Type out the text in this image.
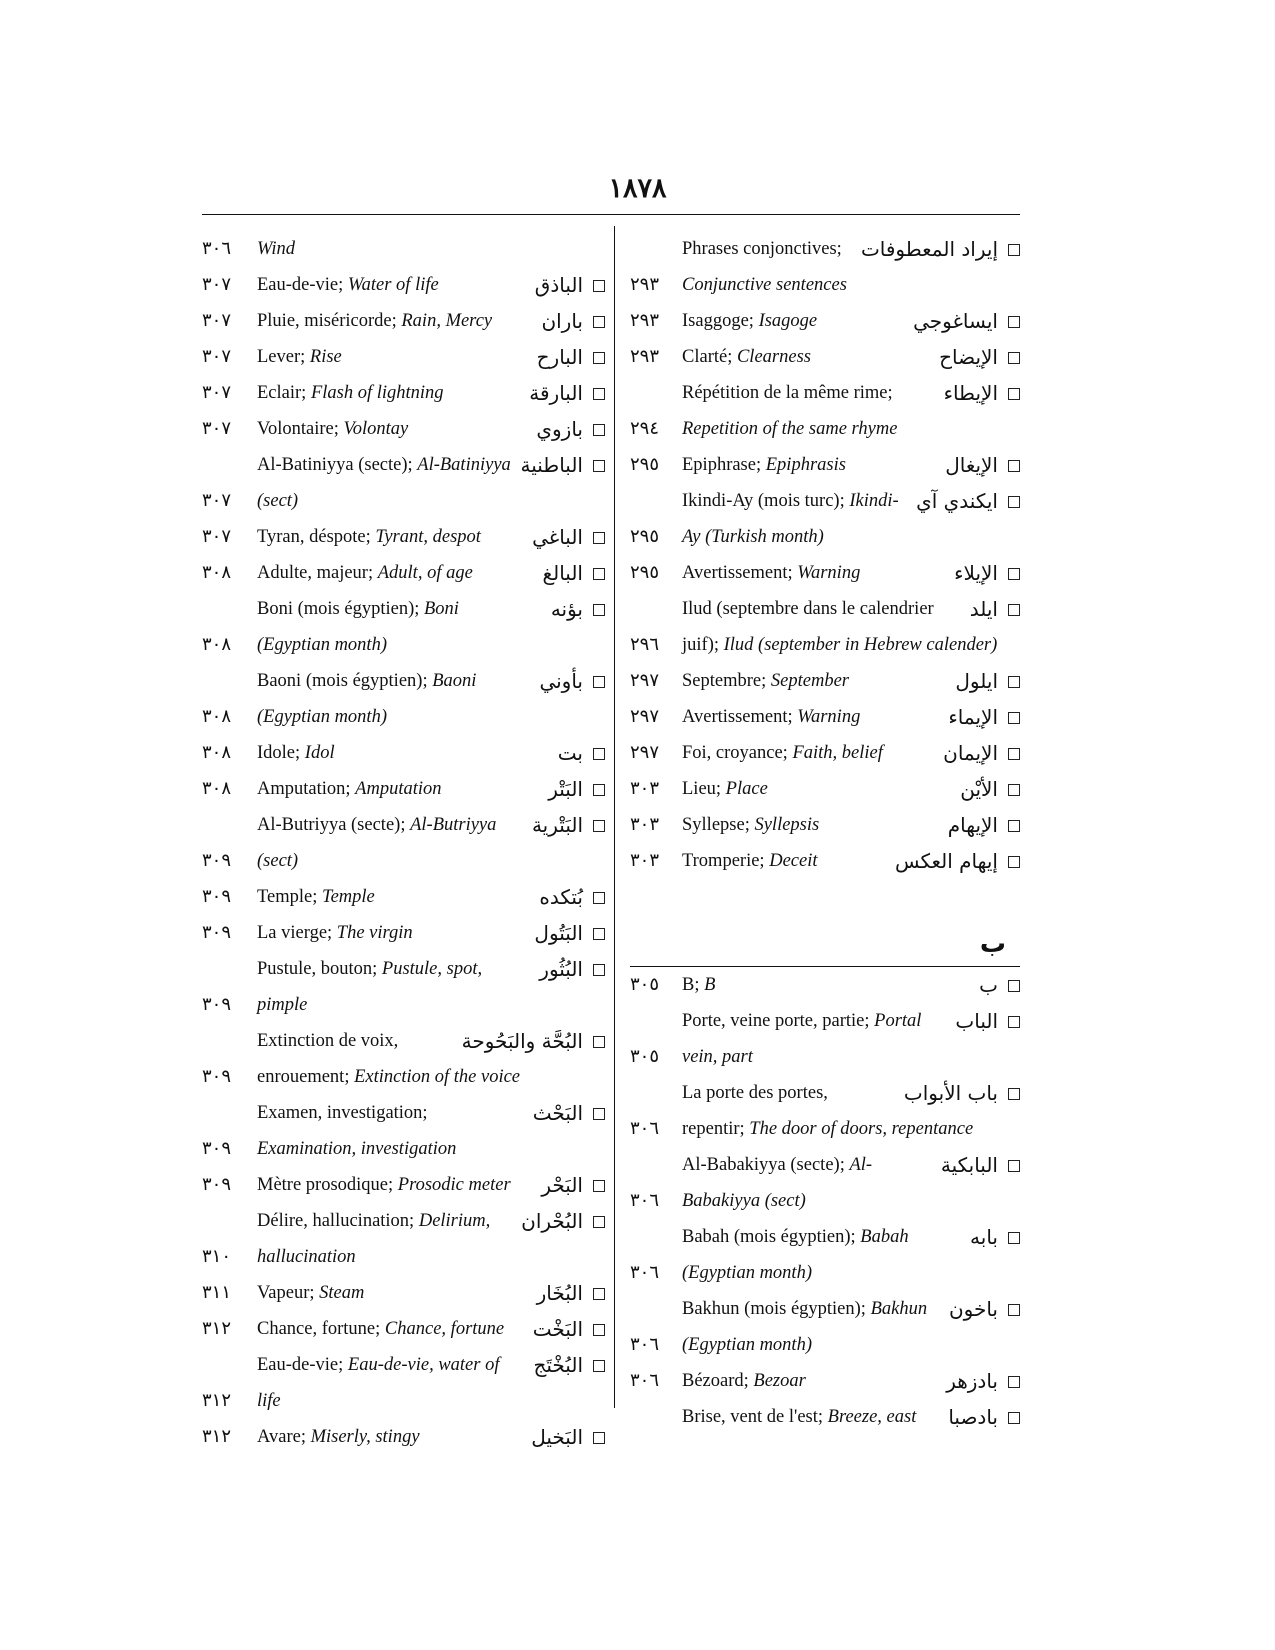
١٨٧٨
Phrases conjonctives; إيراد المعطوفات
٢٩٣ Conjunctive sentences
٢٩٣ Isaggoge; Isagoge	ايساغوجي
٢٩٣ Clarté; Clearness	الإيضاح
Répétition de la même rime;	الإيطاء
٢٩٤ Repetition of the same rhyme
٢٩٥ Epiphrase; Epiphrasis	الإيغال
Ikindi-Ay (mois turc); Ikindi- ايكندي آي
٢٩٥ Ay (Turkish month)
٢٩٥ Avertissement; Warning	الإيلاء
Ilud (septembre dans le calendrier ايلد
٢٩٦ juif); Ilud (september in Hebrew calender)
٢٩٧ Septembre; September	ايلول
٢٩٧ Avertissement; Warning	الإيماء
٢٩٧ Foi, croyance; Faith, belief	الإيمان
٣٠٣ Lieu; Place	الأيْن
٣٠٣ Syllepse; Syllepsis	الإيهام
٣٠٣ Tromperie; Deceit	إيهام العكس
ب
٣٠٥ B; B	ب
Porte, veine porte, partie; Portal الباب
٣٠٥ vein, part
La porte des portes,	باب الأبواب
٣٠٦ repentir; The door of doors, repentance
Al-Babakiyya (secte); Al-	البابكية
٣٠٦ Babakiyya (sect)
Babah (mois égyptien); Babah	بابه
٣٠٦ (Egyptian month)
Bakhun (mois égyptien); Bakhun باخون
٣٠٦ (Egyptian month)
٣٠٦ Bézoard; Bezoar	بادزهر
Brise, vent de l'est; Breeze, east بادصبا
٣٠٦ Wind
٣٠٧ Eau-de-vie; Water of life	الباذق
٣٠٧ Pluie, miséricorde; Rain, Mercy باران
٣٠٧ Lever; Rise	البارح
٣٠٧ Eclair; Flash of lightning	البارقة
٣٠٧ Volontaire; Volontay	بازوي
Al-Batiniyya (secte); Al-Batiniyya الباطنية
٣٠٧ (sect)
٣٠٧ Tyran, déspote; Tyrant, despot	الباغي
٣٠٨ Adulte, majeur; Adult, of age	البالغ
Boni (mois égyptien); Boni	بؤنه
٣٠٨ (Egyptian month)
Baoni (mois égyptien); Baoni	بأوني
٣٠٨ (Egyptian month)
٣٠٨ Idole; Idol	بت
٣٠٨ Amputation; Amputation	البَتْر
Al-Butriyya (secte); Al-Butriyya البَتْرية
٣٠٩ (sect)
٣٠٩ Temple; Temple	بُتكده
٣٠٩ La vierge; The virgin	البَتُول
Pustule, bouton; Pustule, spot,	البُثُور
٣٠٩ pimple
Extinction de voix,	البُحَّة والبَحُوحة
٣٠٩ enrouement; Extinction of the voice
Examen, investigation;	البَحْث
٣٠٩ Examination, investigation
٣٠٩ Mètre prosodique; Prosodic meter البَحْر
Délire, hallucination; Delirium, البُحْران
٣١٠ hallucination
٣١١ Vapeur; Steam	البُخَار
٣١٢ Chance, fortune; Chance, fortune البَخْت
Eau-de-vie; Eau-de-vie, water of البُخْتَج
٣١٢ life
٣١٢ Avare; Miserly, stingy	البَخيل
